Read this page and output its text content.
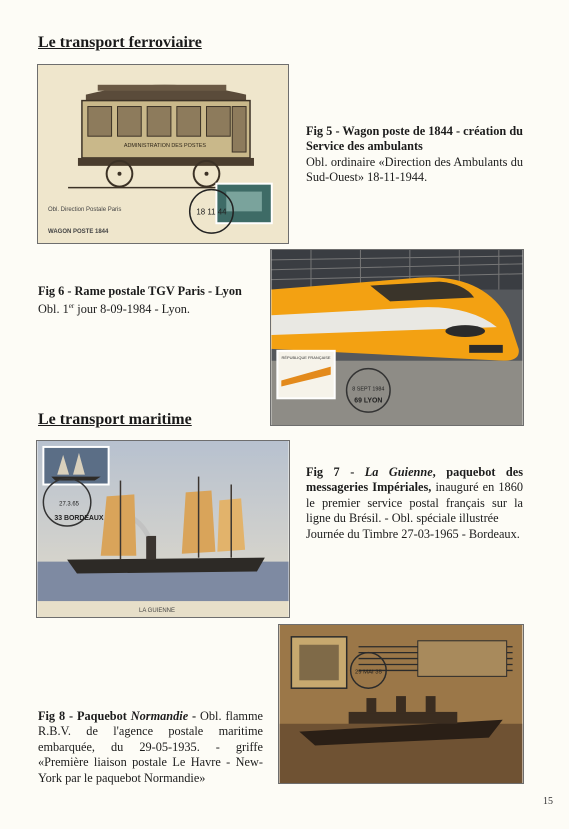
Le transport ferroviaire
ADMINISTRATION DES POSTES
18 11 44
Obl. Direction Postale Paris
WAGON POSTE 1844
Fig 5 - Wagon poste de 1844 - création du Service des ambulants
Obl. ordinaire «Direction des Ambulants du Sud-Ouest» 18-11-1944.
Fig 6 - Rame postale TGV Paris - Lyon
Obl. 1er jour 8-09-1984 - Lyon.
RÉPUBLIQUE FRANÇAISE
8 SEPT 1984
69 LYON
Le transport maritime
27.3.65
33 BORDEAUX
LA GUIENNE
Fig 7 - La Guienne, paquebot des messageries Impériales, inauguré en 1860 le premier service postal français sur la ligne du Brésil. - Obl. spéciale illustrée
Journée du Timbre 27-03-1965 - Bordeaux.
29 MAI 35
Fig 8 - Paquebot Normandie - Obl. flamme R.B.V. de l'agence postale maritime embarquée, du 29-05-1935. - griffe «Première liaison postale Le Havre - New-York par le paquebot Normandie»
15
